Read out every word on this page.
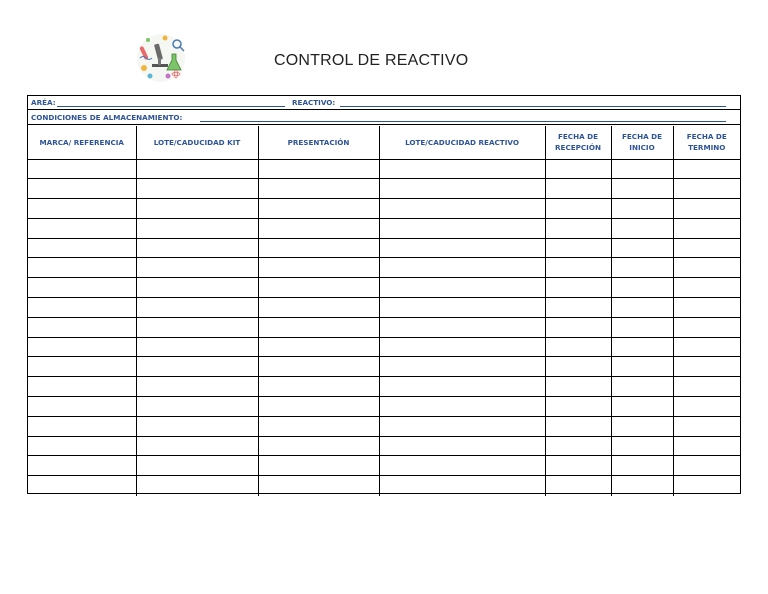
CONTROL DE REACTIVO
ARÉA:	REACTIVO:
CONDICIONES DE ALMACENAMIENTO:
MARCA/ REFERENCIA	LOTE/CADUCIDAD KIT	PRESENTACIÓN	LOTE/CADUCIDAD REACTIVO	FECHA DE RECEPCIÓN	FECHA DE INICIO	FECHA DE TERMINO
